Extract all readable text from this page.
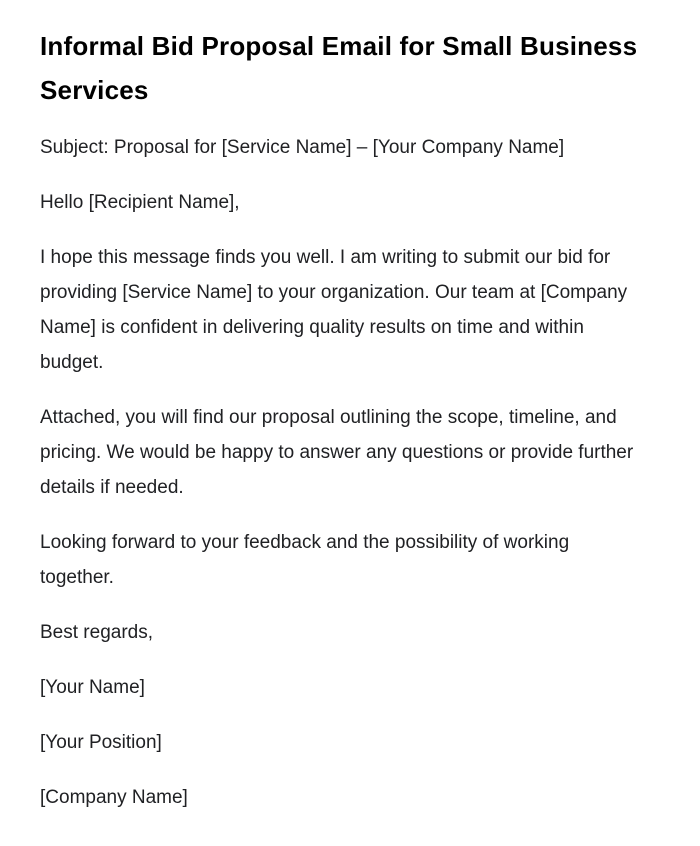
Informal Bid Proposal Email for Small Business Services

Subject: Proposal for [Service Name] – [Your Company Name]

Hello [Recipient Name],

I hope this message finds you well. I am writing to submit our bid for providing [Service Name] to your organization. Our team at [Company Name] is confident in delivering quality results on time and within budget.

Attached, you will find our proposal outlining the scope, timeline, and pricing. We would be happy to answer any questions or provide further details if needed.

Looking forward to your feedback and the possibility of working together.

Best regards,

[Your Name]

[Your Position]

[Company Name]
